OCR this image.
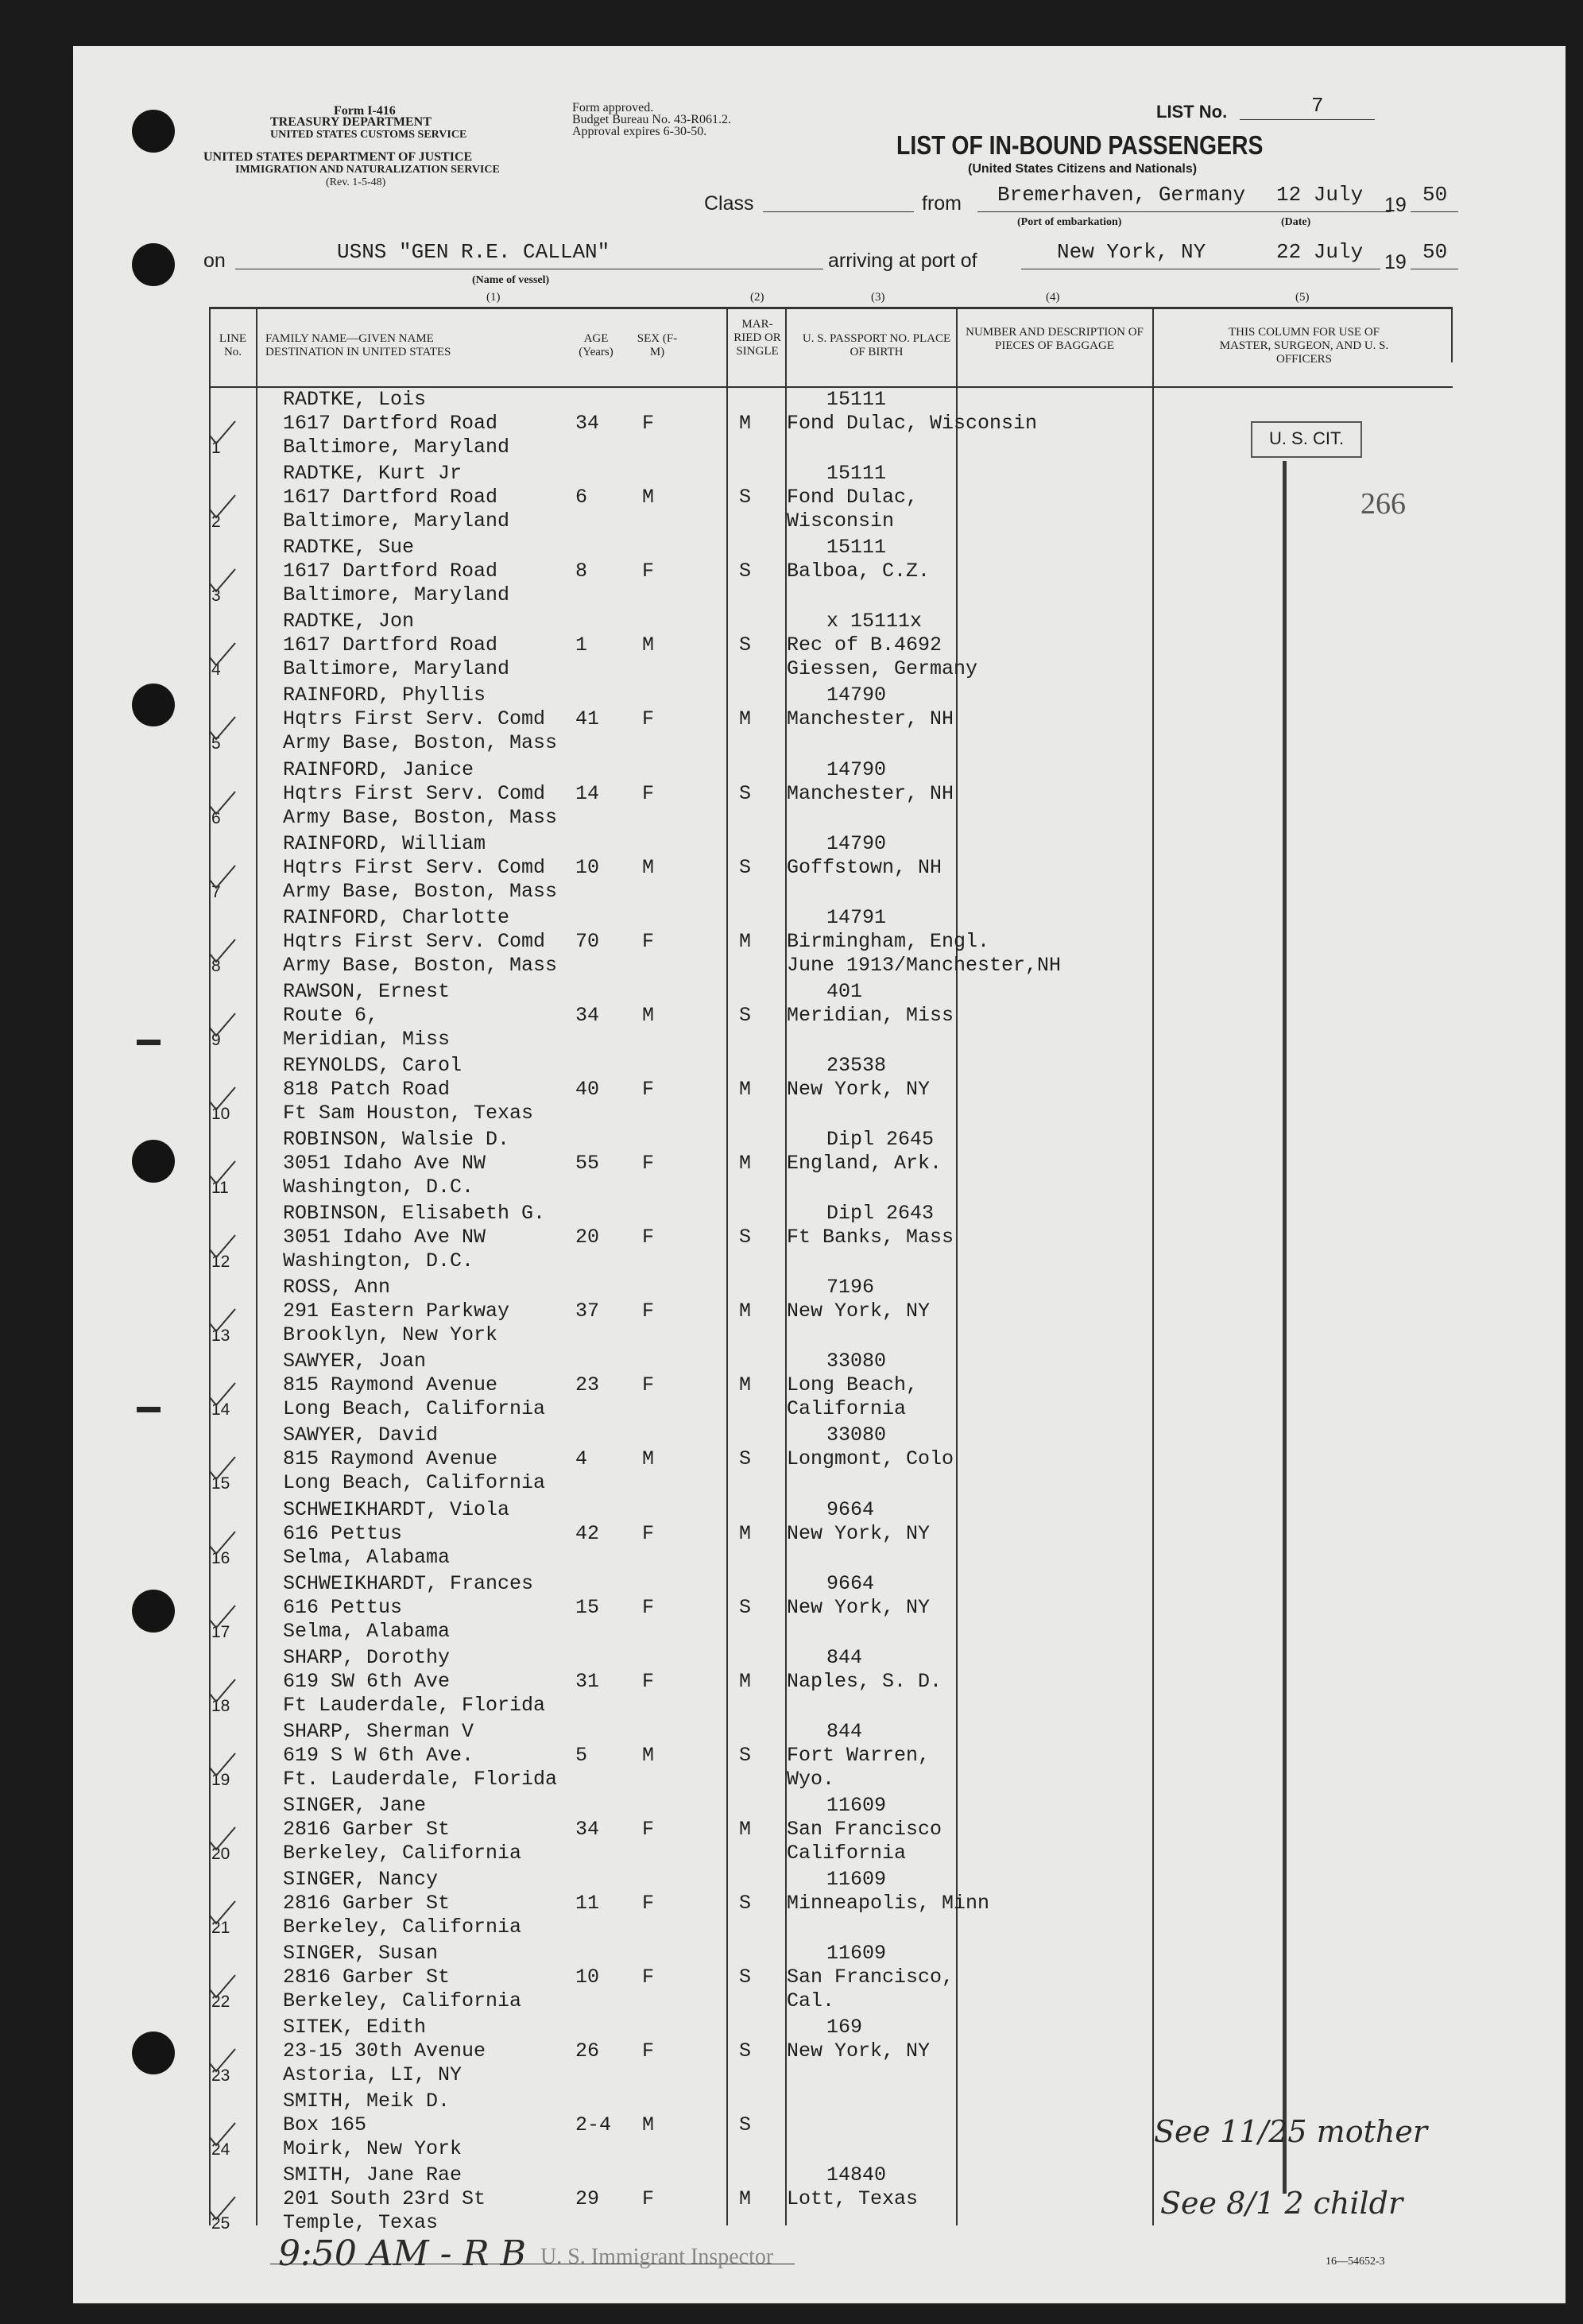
Form I-416
TREASURY DEPARTMENT
UNITED STATES CUSTOMS SERVICE
UNITED STATES DEPARTMENT OF JUSTICE
IMMIGRATION AND NATURALIZATION SERVICE
(Rev. 1-5-48)
Form approved.
Budget Bureau No. 43-R061.2.
Approval expires 6-30-50.
LIST No.	7
LIST OF IN-BOUND PASSENGERS
(United States Citizens and Nationals)
Class	from Bremerhaven, Germany 12 July
(Port of embarkation)	(Date)
19 50
on	USNS "GEN R.E. CALLAN"
(Name of vessel)
arriving at port of	New York, NY	22 July 19 50
(1)	(2)	(3)	(4)	(5)
LINE No.
FAMILY NAME—GIVEN NAME DESTINATION IN UNITED STATES
AGE (Years)
SEX (F-M)
MAR-RIED OR SINGLE
U. S. PASSPORT NO. PLACE OF BIRTH
NUMBER AND DESCRIPTION OF PIECES OF BAGGAGE
THIS COLUMN FOR USE OF MASTER, SURGEON, AND U. S. OFFICERS
1
RADTKE, Lois
1617 Dartford Road
Baltimore, Maryland
34 F	M
15111
Fond Dulac, Wisconsin
2
RADTKE, Kurt Jr
1617 Dartford Road
Baltimore, Maryland
6	M	S
15111
Fond Dulac,
Wisconsin
3
RADTKE, Sue
1617 Dartford Road
Baltimore, Maryland
8	F	S
15111
Balboa, C.Z.
4
RADTKE, Jon
1617 Dartford Road
Baltimore, Maryland
1	M	S
x 15111x
Rec of B.4692
Giessen, Germany
5
RAINFORD, Phyllis
Hqtrs First Serv. Comd
Army Base, Boston, Mass
41 F	M
14790
Manchester, NH
6
RAINFORD, Janice
Hqtrs First Serv. Comd
Army Base, Boston, Mass
14 F	S
14790
Manchester, NH
7
RAINFORD, William
Hqtrs First Serv. Comd
Army Base, Boston, Mass
10 M	S
14790
Goffstown, NH
8
RAINFORD, Charlotte
Hqtrs First Serv. Comd
Army Base, Boston, Mass
70 F	M
14791
Birmingham, Engl.
June 1913/Manchester,NH
9
RAWSON, Ernest
Route 6,
Meridian, Miss
34 M	S
401
Meridian, Miss
10
REYNOLDS, Carol
818 Patch Road
Ft Sam Houston, Texas
40 F	M
23538
New York, NY
11
ROBINSON, Walsie D.
3051 Idaho Ave NW
Washington, D.C.
55 F	M
Dipl 2645
England, Ark.
12
ROBINSON, Elisabeth G.
3051 Idaho Ave NW
Washington, D.C.
20 F	S
Dipl 2643
Ft Banks, Mass
13
ROSS, Ann
291 Eastern Parkway
Brooklyn, New York
37 F	M
7196
New York, NY
14
SAWYER, Joan
815 Raymond Avenue
Long Beach, California
23 F	M
33080
Long Beach,
California
15
SAWYER, David
815 Raymond Avenue
Long Beach, California
4	M	S
33080
Longmont, Colo
16
SCHWEIKHARDT, Viola
616 Pettus
Selma, Alabama
42 F	M
9664
New York, NY
17
SCHWEIKHARDT, Frances
616 Pettus
Selma, Alabama
15 F	S
9664
New York, NY
18
SHARP, Dorothy
619 SW 6th Ave
Ft Lauderdale, Florida
31 F	M
844
Naples, S. D.
19
SHARP, Sherman V
619 S W 6th Ave.
Ft. Lauderdale, Florida
5	M	S
844
Fort Warren,
Wyo.
20
SINGER, Jane
2816 Garber St
Berkeley, California
34 F	M
11609
San Francisco
California
21
SINGER, Nancy
2816 Garber St
Berkeley, California
11 F	S
11609
Minneapolis, Minn
22
SINGER, Susan
2816 Garber St
Berkeley, California
10 F	S
11609
San Francisco,
Cal.
23
SITEK, Edith
23-15 30th Avenue
Astoria, LI, NY
26 F	S
169
New York, NY
24
SMITH, Meik D.
Box 165
Moirk, New York
2-4 M	S
25
SMITH, Jane Rae
201 South 23rd St
Temple, Texas
29 F	M
14840
Lott, Texas
U. S. CIT.
266
See 11/25 mother
See 8/1 2 childr
9:50 AM - R B U. S. Immigrant Inspector	16—54652-3
